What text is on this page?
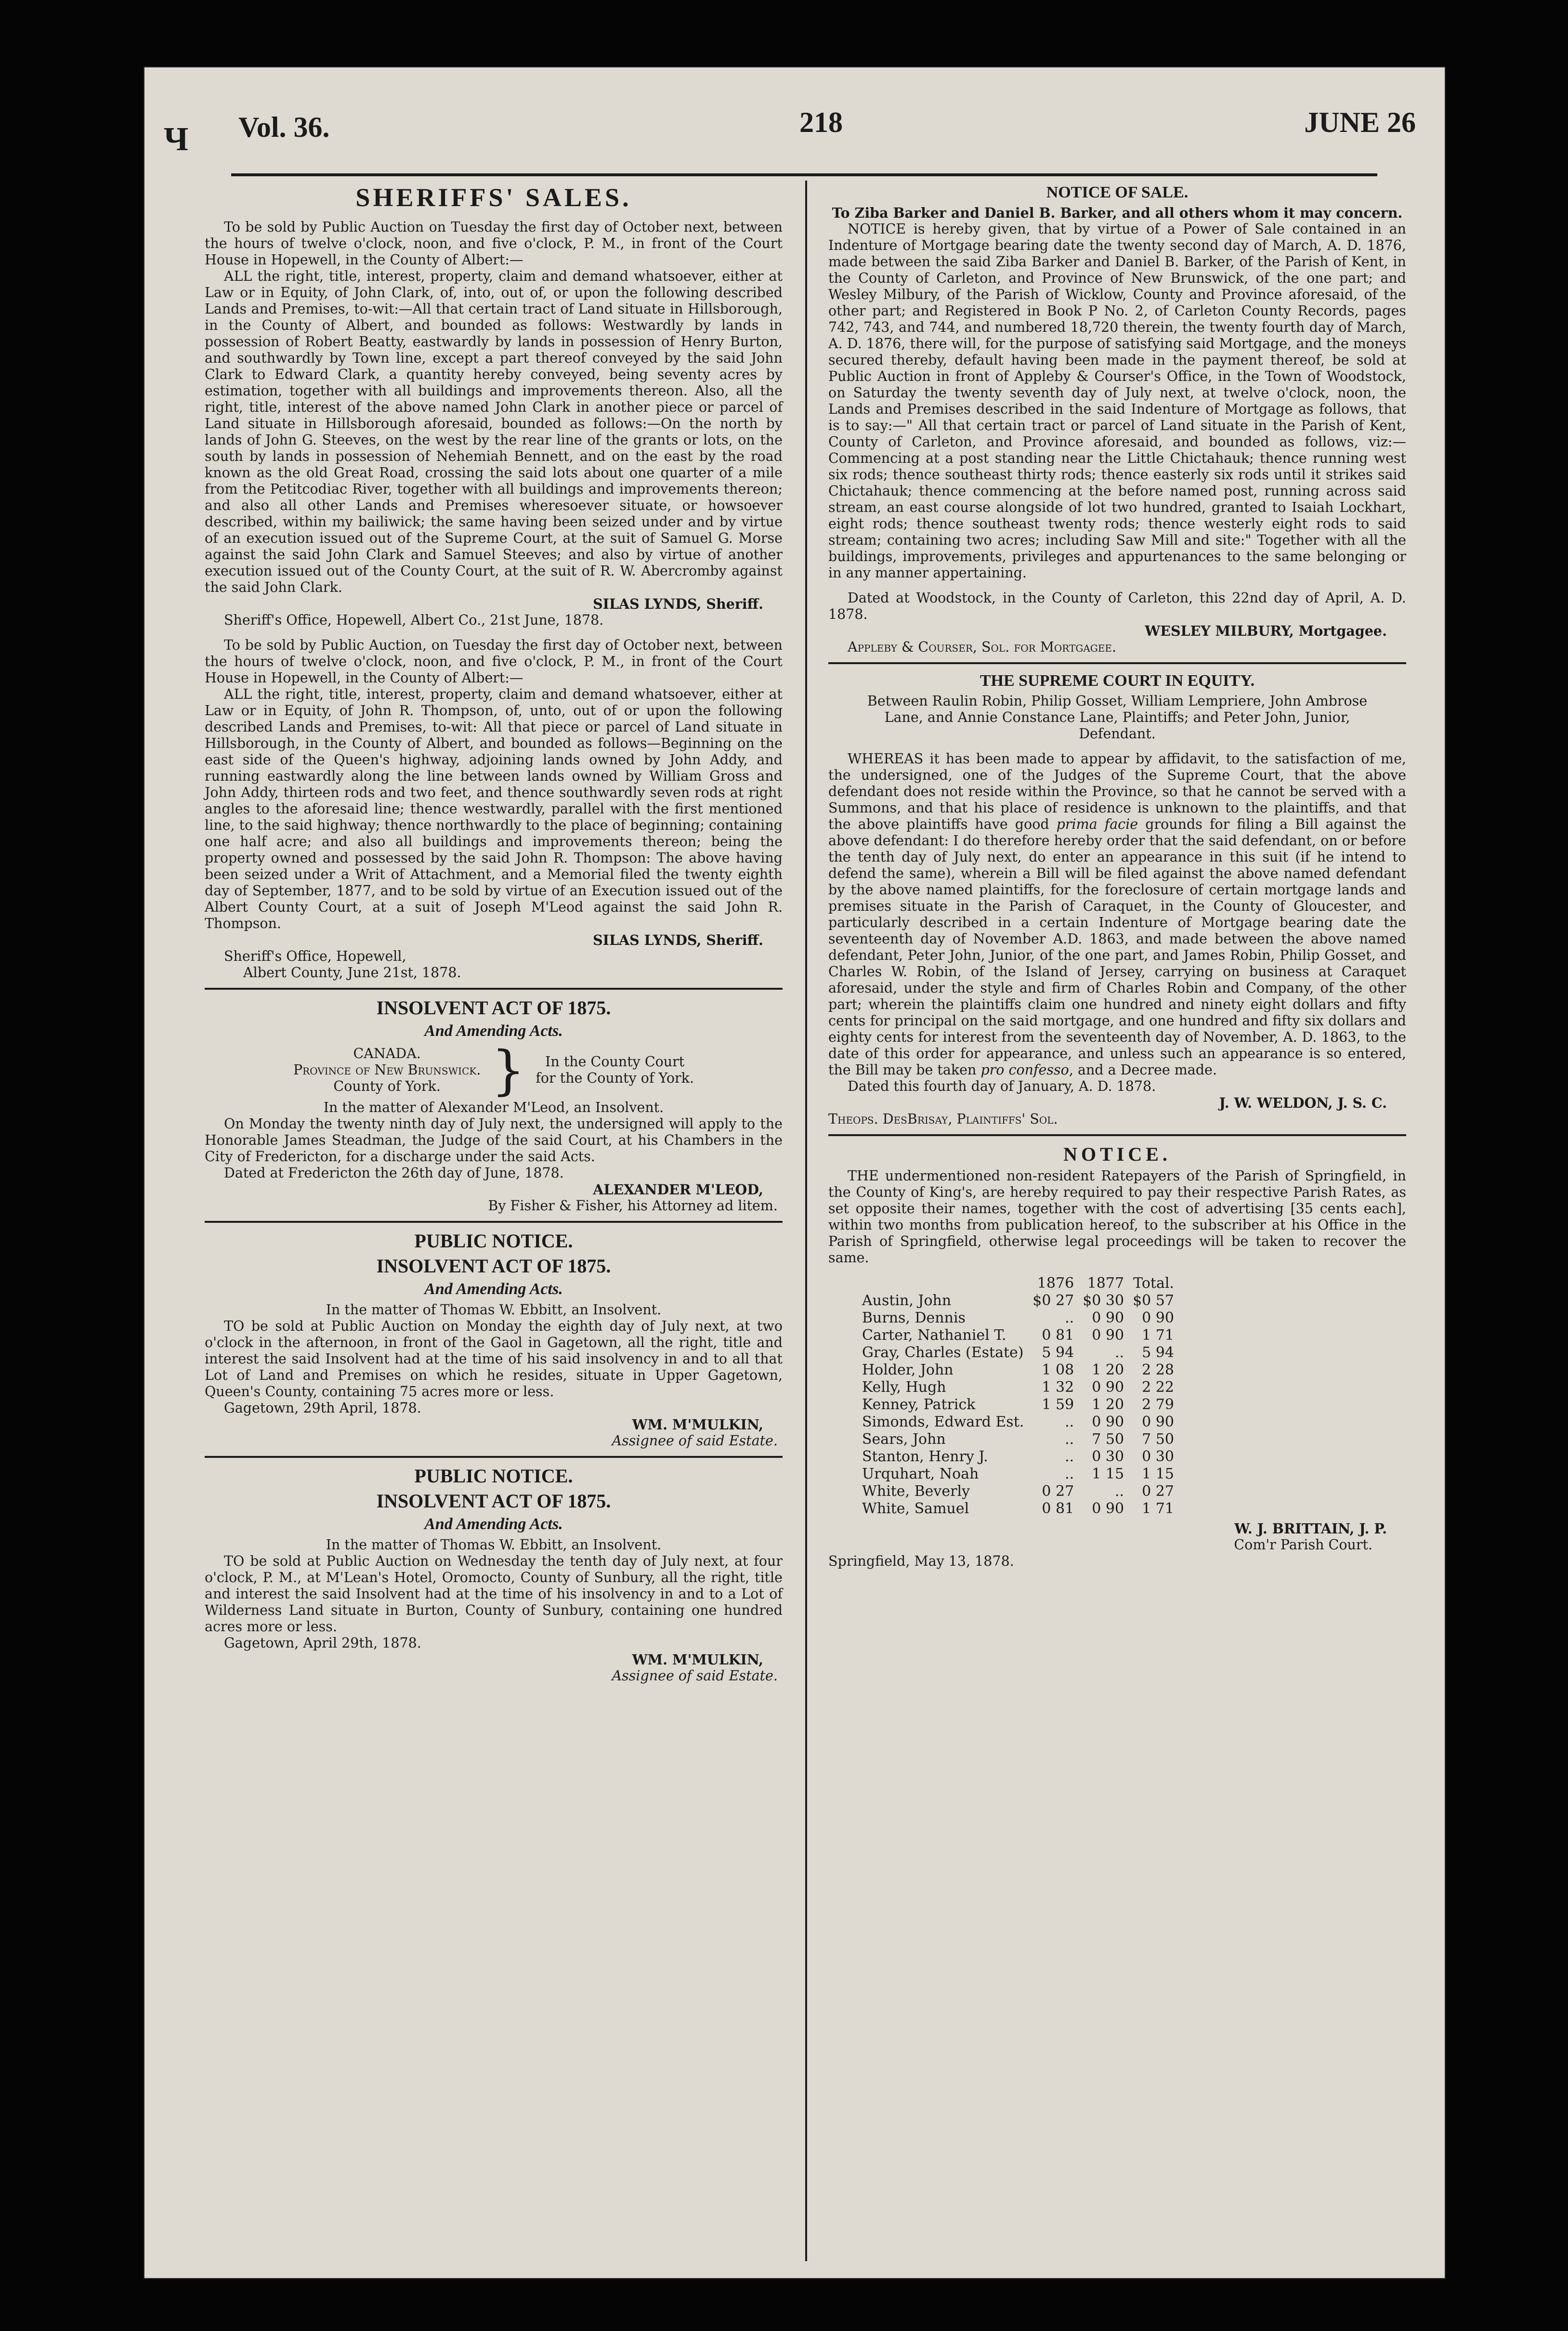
Ч Vol. 36.	218	JUNE 26
SHERIFFS' SALES.

To be sold by Public Auction on Tuesday the first day of October next, between the hours of twelve o'clock, noon, and five o'clock, P. M., in front of the Court House in Hopewell, in the County of Albert:—

ALL the right, title, interest, property, claim and demand whatsoever, either at Law or in Equity, of John Clark, of, into, out of, or upon the following described Lands and Premises, to-wit:—All that certain tract of Land situate in Hillsborough, in the County of Albert, and bounded as follows: Westwardly by lands in possession of Robert Beatty, eastwardly by lands in possession of Henry Burton, and southwardly by Town line, except a part thereof conveyed by the said John Clark to Edward Clark, a quantity hereby conveyed, being seventy acres by estimation, together with all buildings and improvements thereon. Also, all the right, title, interest of the above named John Clark in another piece or parcel of Land situate in Hillsborough aforesaid, bounded as follows:—On the north by lands of John G. Steeves, on the west by the rear line of the grants or lots, on the south by lands in possession of Nehemiah Bennett, and on the east by the road known as the old Great Road, crossing the said lots about one quarter of a mile from the Petitcodiac River, together with all buildings and improvements thereon; and also all other Lands and Premises wheresoever situate, or howsoever described, within my bailiwick; the same having been seized under and by virtue of an execution issued out of the Supreme Court, at the suit of Samuel G. Morse against the said John Clark and Samuel Steeves; and also by virtue of another execution issued out of the County Court, at the suit of R. W. Abercromby against the said John Clark.

SILAS LYNDS, Sheriff.

Sheriff's Office, Hopewell, Albert Co., 21st June, 1878.

To be sold by Public Auction, on Tuesday the first day of October next, between the hours of twelve o'clock, noon, and five o'clock, P. M., in front of the Court House in Hopewell, in the County of Albert:—

ALL the right, title, interest, property, claim and demand whatsoever, either at Law or in Equity, of John R. Thompson, of, unto, out of or upon the following described Lands and Premises, to-wit: All that piece or parcel of Land situate in Hillsborough, in the County of Albert, and bounded as follows—Beginning on the east side of the Queen's highway, adjoining lands owned by John Addy, and running eastwardly along the line between lands owned by William Gross and John Addy, thirteen rods and two feet, and thence southwardly seven rods at right angles to the aforesaid line; thence westwardly, parallel with the first mentioned line, to the said highway; thence northwardly to the place of beginning; containing one half acre; and also all buildings and improvements thereon; being the property owned and possessed by the said John R. Thompson: The above having been seized under a Writ of Attachment, and a Memorial filed the twenty eighth day of September, 1877, and to be sold by virtue of an Execution issued out of the Albert County Court, at a suit of Joseph M'Leod against the said John R. Thompson.

SILAS LYNDS, Sheriff.

Sheriff's Office, Hopewell,

Albert County, June 21st, 1878.

INSOLVENT ACT OF 1875.
And Amending Acts.
CANADA.
Province of New Brunswick.
County of York. }	In the County Court
for the County of York.

In the matter of Alexander M'Leod, an Insolvent.

On Monday the twenty ninth day of July next, the undersigned will apply to the Honorable James Steadman, the Judge of the said Court, at his Chambers in the City of Fredericton, for a discharge under the said Acts.

Dated at Fredericton the 26th day of June, 1878.

ALEXANDER M'LEOD,
By Fisher & Fisher, his Attorney ad litem.
PUBLIC NOTICE.
INSOLVENT ACT OF 1875.
And Amending Acts.

In the matter of Thomas W. Ebbitt, an Insolvent.

TO be sold at Public Auction on Monday the eighth day of July next, at two o'clock in the afternoon, in front of the Gaol in Gagetown, all the right, title and interest the said Insolvent had at the time of his said insolvency in and to all that Lot of Land and Premises on which he resides, situate in Upper Gagetown, Queen's County, containing 75 acres more or less.

Gagetown, 29th April, 1878.

WM. M'MULKIN,
Assignee of said Estate.
PUBLIC NOTICE.
INSOLVENT ACT OF 1875.
And Amending Acts.

In the matter of Thomas W. Ebbitt, an Insolvent.

TO be sold at Public Auction on Wednesday the tenth day of July next, at four o'clock, P. M., at M'Lean's Hotel, Oromocto, County of Sunbury, all the right, title and interest the said Insolvent had at the time of his insolvency in and to a Lot of Wilderness Land situate in Burton, County of Sunbury, containing one hundred acres more or less.

Gagetown, April 29th, 1878.

WM. M'MULKIN,
Assignee of said Estate.
NOTICE OF SALE.

To Ziba Barker and Daniel B. Barker, and all others whom it may concern.

NOTICE is hereby given, that by virtue of a Power of Sale contained in an Indenture of Mortgage bearing date the twenty second day of March, A. D. 1876, made between the said Ziba Barker and Daniel B. Barker, of the Parish of Kent, in the County of Carleton, and Province of New Brunswick, of the one part; and Wesley Milbury, of the Parish of Wicklow, County and Province aforesaid, of the other part; and Registered in Book P No. 2, of Carleton County Records, pages 742, 743, and 744, and numbered 18,720 therein, the twenty fourth day of March, A. D. 1876, there will, for the purpose of satisfying said Mortgage, and the moneys secured thereby, default having been made in the payment thereof, be sold at Public Auction in front of Appleby & Courser's Office, in the Town of Woodstock, on Saturday the twenty seventh day of July next, at twelve o'clock, noon, the Lands and Premises described in the said Indenture of Mortgage as follows, that is to say:—" All that certain tract or parcel of Land situate in the Parish of Kent, County of Carleton, and Province aforesaid, and bounded as follows, viz:—Commencing at a post standing near the Little Chictahauk; thence running west six rods; thence southeast thirty rods; thence easterly six rods until it strikes said Chictahauk; thence commencing at the before named post, running across said stream, an east course alongside of lot two hundred, granted to Isaiah Lockhart, eight rods; thence southeast twenty rods; thence westerly eight rods to said stream; containing two acres; including Saw Mill and site:" Together with all the buildings, improvements, privileges and appurtenances to the same belonging or in any manner appertaining.

Dated at Woodstock, in the County of Carleton, this 22nd day of April, A. D. 1878.

WESLEY MILBURY, Mortgagee.

Appleby & Courser, Sol. for Mortgagee.

THE SUPREME COURT IN EQUITY.

Between Raulin Robin, Philip Gosset, William Lempriere, John Ambrose Lane, and Annie Constance Lane, Plaintiffs; and Peter John, Junior, Defendant.

WHEREAS it has been made to appear by affidavit, to the satisfaction of me, the undersigned, one of the Judges of the Supreme Court, that the above defendant does not reside within the Province, so that he cannot be served with a Summons, and that his place of residence is unknown to the plaintiffs, and that the above plaintiffs have good prima facie grounds for filing a Bill against the above defendant: I do therefore hereby order that the said defendant, on or before the tenth day of July next, do enter an appearance in this suit (if he intend to defend the same), wherein a Bill will be filed against the above named defendant by the above named plaintiffs, for the foreclosure of certain mortgage lands and premises situate in the Parish of Caraquet, in the County of Gloucester, and particularly described in a certain Indenture of Mortgage bearing date the seventeenth day of November A.D. 1863, and made between the above named defendant, Peter John, Junior, of the one part, and James Robin, Philip Gosset, and Charles W. Robin, of the Island of Jersey, carrying on business at Caraquet aforesaid, under the style and firm of Charles Robin and Company, of the other part; wherein the plaintiffs claim one hundred and ninety eight dollars and fifty cents for principal on the said mortgage, and one hundred and fifty six dollars and eighty cents for interest from the seventeenth day of November, A. D. 1863, to the date of this order for appearance, and unless such an appearance is so entered, the Bill may be taken pro confesso, and a Decree made.

Dated this fourth day of January, A. D. 1878.

J. W. WELDON, J. S. C.

Theops. DesBrisay, Plaintiffs' Sol.

NOTICE.

THE undermentioned non-resident Ratepayers of the Parish of Springfield, in the County of King's, are hereby required to pay their respective Parish Rates, as set opposite their names, together with the cost of advertising [35 cents each], within two months from publication hereof, to the subscriber at his Office in the Parish of Springfield, otherwise legal proceedings will be taken to recover the same.

	1876	1877	Total.
Austin, John	$0 27	$0 30	$0 57
Burns, Dennis	..	0 90	0 90
Carter, Nathaniel T.	0 81	0 90	1 71
Gray, Charles (Estate)	5 94	..	5 94
Holder, John	1 08	1 20	2 28
Kelly, Hugh	1 32	0 90	2 22
Kenney, Patrick	1 59	1 20	2 79
Simonds, Edward Est.	..	0 90	0 90
Sears, John	..	7 50	7 50
Stanton, Henry J.	..	0 30	0 30
Urquhart, Noah	..	1 15	1 15
White, Beverly	0 27	..	0 27
White, Samuel	0 81	0 90	1 71
W. J. BRITTAIN, J. P.
Com'r Parish Court.

Springfield, May 13, 1878.
